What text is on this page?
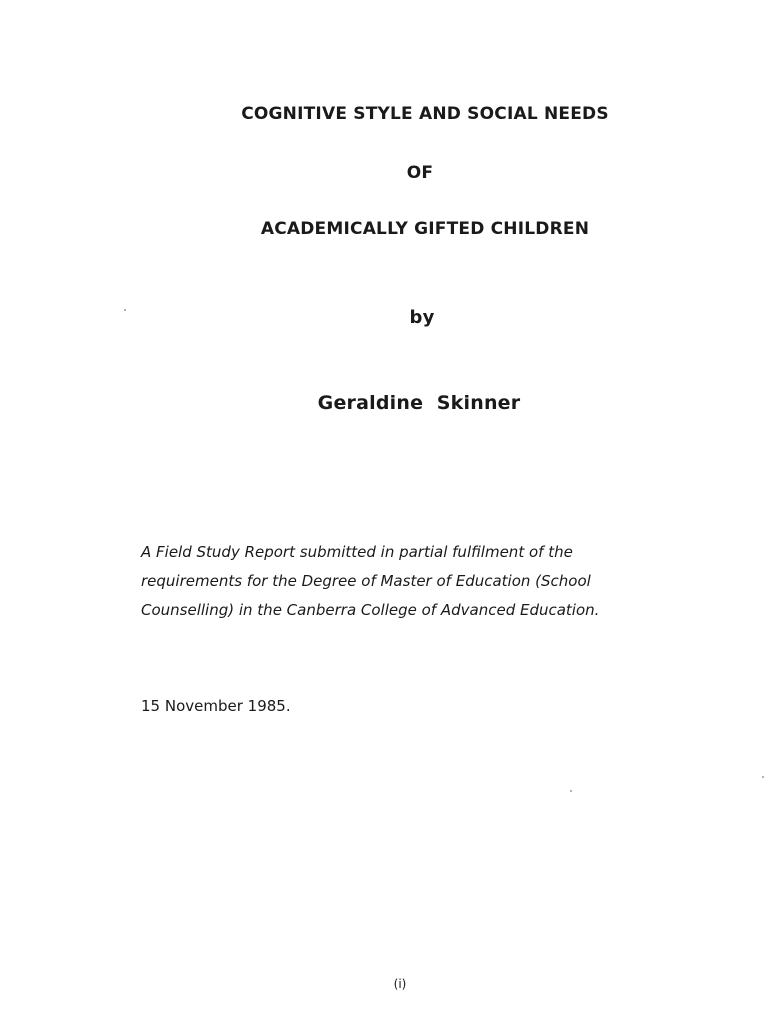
COGNITIVE STYLE AND SOCIAL NEEDS
OF
ACADEMICALLY GIFTED CHILDREN
by
Geraldine  Skinner
A Field Study Report submitted in partial fulfilment of the
requirements for the Degree of Master of Education (School
Counselling) in the Canberra College of Advanced Education.
15 November 1985.
(i)
